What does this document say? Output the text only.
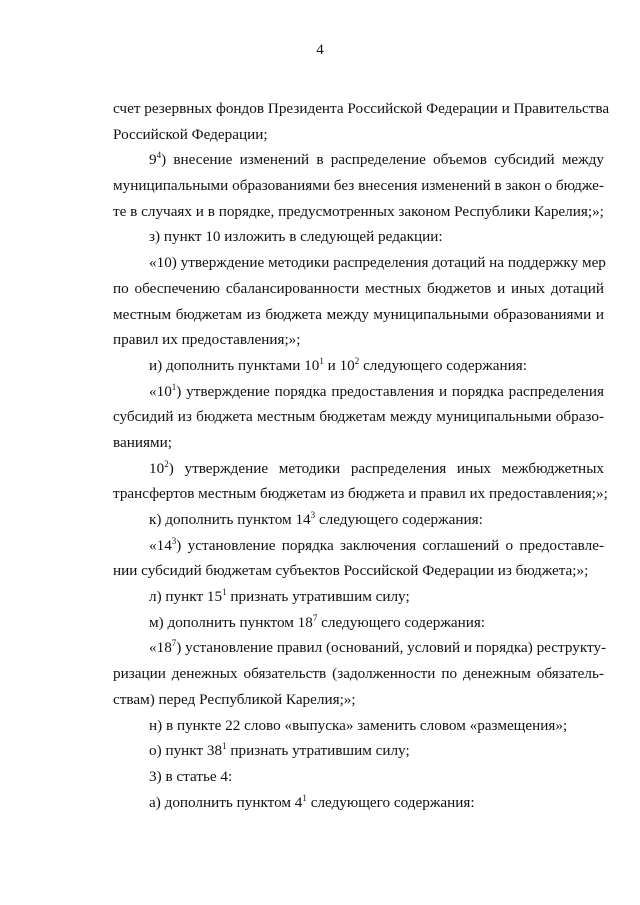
4
счет резервных фондов Президента Российской Федерации и Правительства
Российской Федерации;
$9^4$) внесение изменений в распределение объемов субсидий между
муниципальными образованиями без внесения изменений в закон о бюдже-
те в случаях и в порядке, предусмотренных законом Республики Карелия;»;
з) пункт 10 изложить в следующей редакции:
«10) утверждение методики распределения дотаций на поддержку мер
по обеспечению сбалансированности местных бюджетов и иных дотаций
местным бюджетам из бюджета между муниципальными образованиями и
правил их предоставления;»;
и) дополнить пунктами $10^1$ и $10^2$ следующего содержания:
«$10^1$) утверждение порядка предоставления и порядка распределения
субсидий из бюджета местным бюджетам между муниципальными образо-
ваниями;
$10^2$) утверждение методики распределения иных межбюджетных
трансфертов местным бюджетам из бюджета и правил их предоставления;»;
к) дополнить пунктом $14^3$ следующего содержания:
«$14^3$) установление порядка заключения соглашений о предоставле-
нии субсидий бюджетам субъектов Российской Федерации из бюджета;»;
л) пункт $15^1$ признать утратившим силу;
м) дополнить пунктом $18^7$ следующего содержания:
«$18^7$) установление правил (оснований, условий и порядка) реструкту-
ризации денежных обязательств (задолженности по денежным обязатель-
ствам) перед Республикой Карелия;»;
н) в пункте 22 слово «выпуска» заменить словом «размещения»;
о) пункт $38^1$ признать утратившим силу;
3) в статье 4:
а) дополнить пунктом $4^1$ следующего содержания:
